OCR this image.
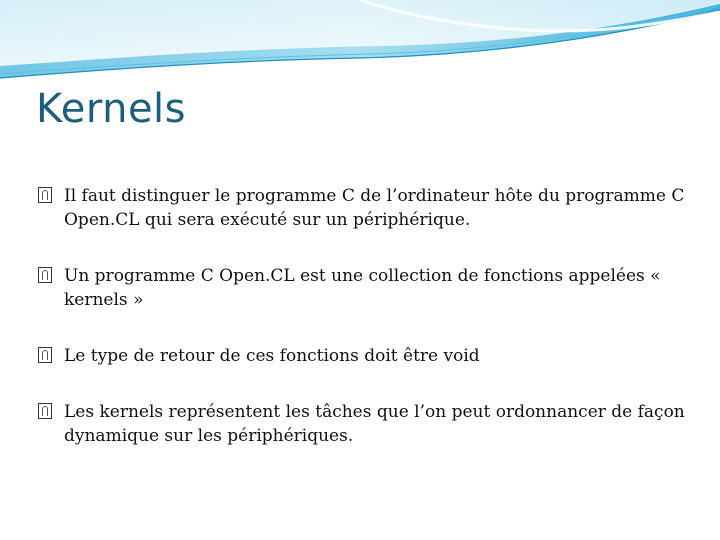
Kernels
Il faut distinguer le programme C de l’ordinateur hôte du programme C Open.CL qui sera exécuté sur un périphérique.
Un programme C Open.CL est une collection de fonctions appelées « kernels »
Le type de retour de ces fonctions doit être void
Les kernels représentent les tâches que l’on peut ordonnancer de façon dynamique sur les périphériques.
